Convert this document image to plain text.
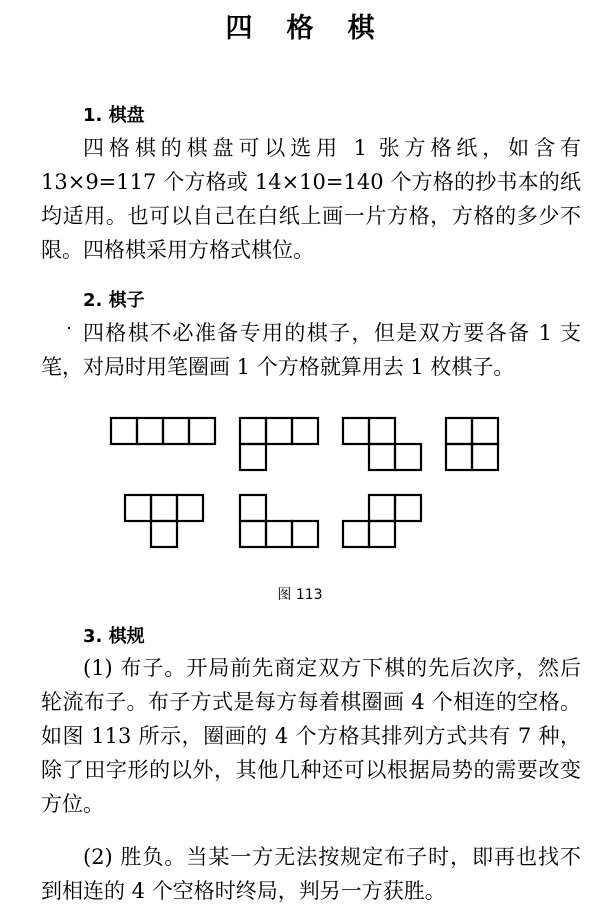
四格棋
1. 棋盘
四格棋的棋盘可以选用 1 张方格纸，如含有13×9=117 个方格或 14×10=140 个方格的抄书本的纸均适用。也可以自己在白纸上画一片方格，方格的多少不限。四格棋采用方格式棋位。
2. 棋子
四格棋不必准备专用的棋子，但是双方要各备 1 支笔，对局时用笔圈画 1 个方格就算用去 1 枚棋子。
图 113
3. 棋规
(1) 布子。开局前先商定双方下棋的先后次序，然后轮流布子。布子方式是每方每着棋圈画 4 个相连的空格。如图 113 所示，圈画的 4 个方格其排列方式共有 7 种，除了田字形的以外，其他几种还可以根据局势的需要改变方位。
(2) 胜负。当某一方无法按规定布子时，即再也找不到相连的 4 个空格时终局，判另一方获胜。
